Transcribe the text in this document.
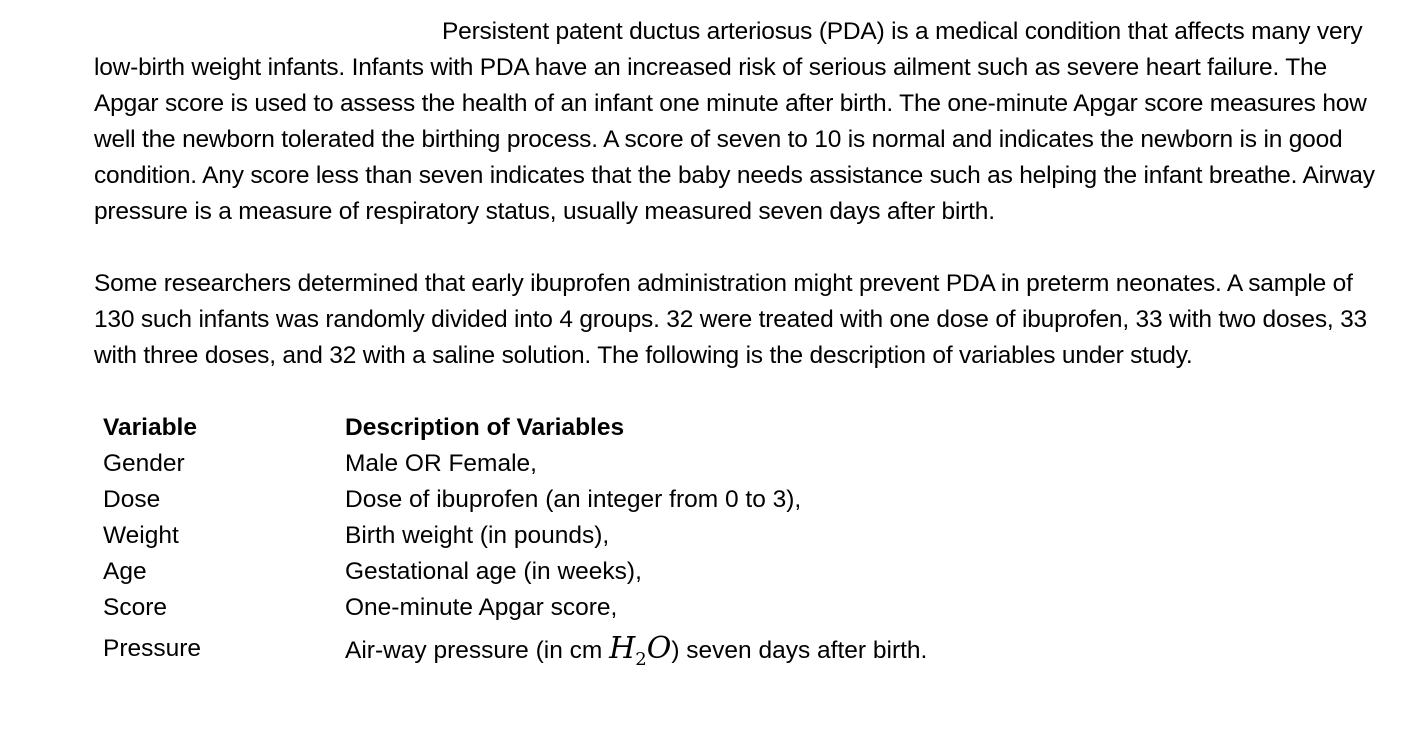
Persistent patent ductus arteriosus (PDA) is a medical condition that affects many very low-birth weight infants. Infants with PDA have an increased risk of serious ailment such as severe heart failure. The Apgar score is used to assess the health of an infant one minute after birth. The one-minute Apgar score measures how well the newborn tolerated the birthing process. A score of seven to 10 is normal and indicates the newborn is in good condition. Any score less than seven indicates that the baby needs assistance such as helping the infant breathe. Airway pressure is a measure of respiratory status, usually measured seven days after birth.

Some researchers determined that early ibuprofen administration might prevent PDA in preterm neonates. A sample of 130 such infants was randomly divided into 4 groups. 32 were treated with one dose of ibuprofen, 33 with two doses, 33 with three doses, and 32 with a saline solution. The following is the description of variables under study.

Variable	Description of Variables
Gender	Male OR Female,
Dose	Dose of ibuprofen (an integer from 0 to 3),
Weight	Birth weight (in pounds),
Age	Gestational age (in weeks),
Score	One-minute Apgar score,
Pressure	Air-way pressure (in cm $H_2O$) seven days after birth.
